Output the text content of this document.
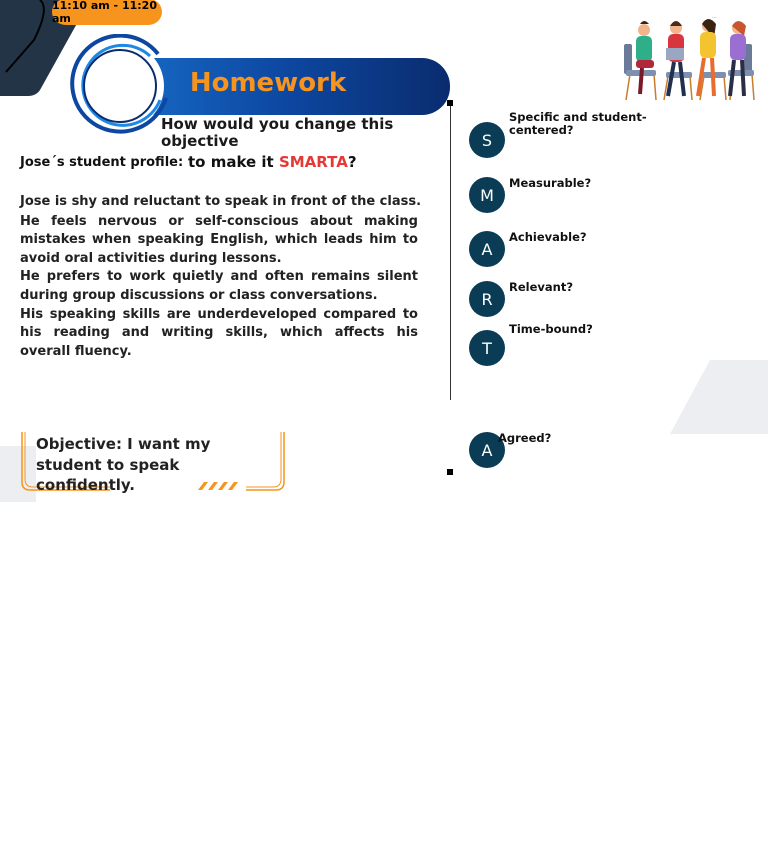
11:10 am - 11:20 am
Homework
How would you change this objective
Jose´s student profile: to make it SMARTA?

Jose is shy and reluctant to speak in front of the class.

He feels nervous or self-conscious about making mistakes when speaking English, which leads him to avoid oral activities during lessons.

He prefers to work quietly and often remains silent during group discussions or class conversations.

His speaking skills are underdeveloped compared to his reading and writing skills, which affects his overall fluency.

Objective: I want my student to speak confidently.
S
Specific and student-centered?
M
Measurable?
A
Achievable?
R
Relevant?
T
Time-bound?
A
Agreed?
...
